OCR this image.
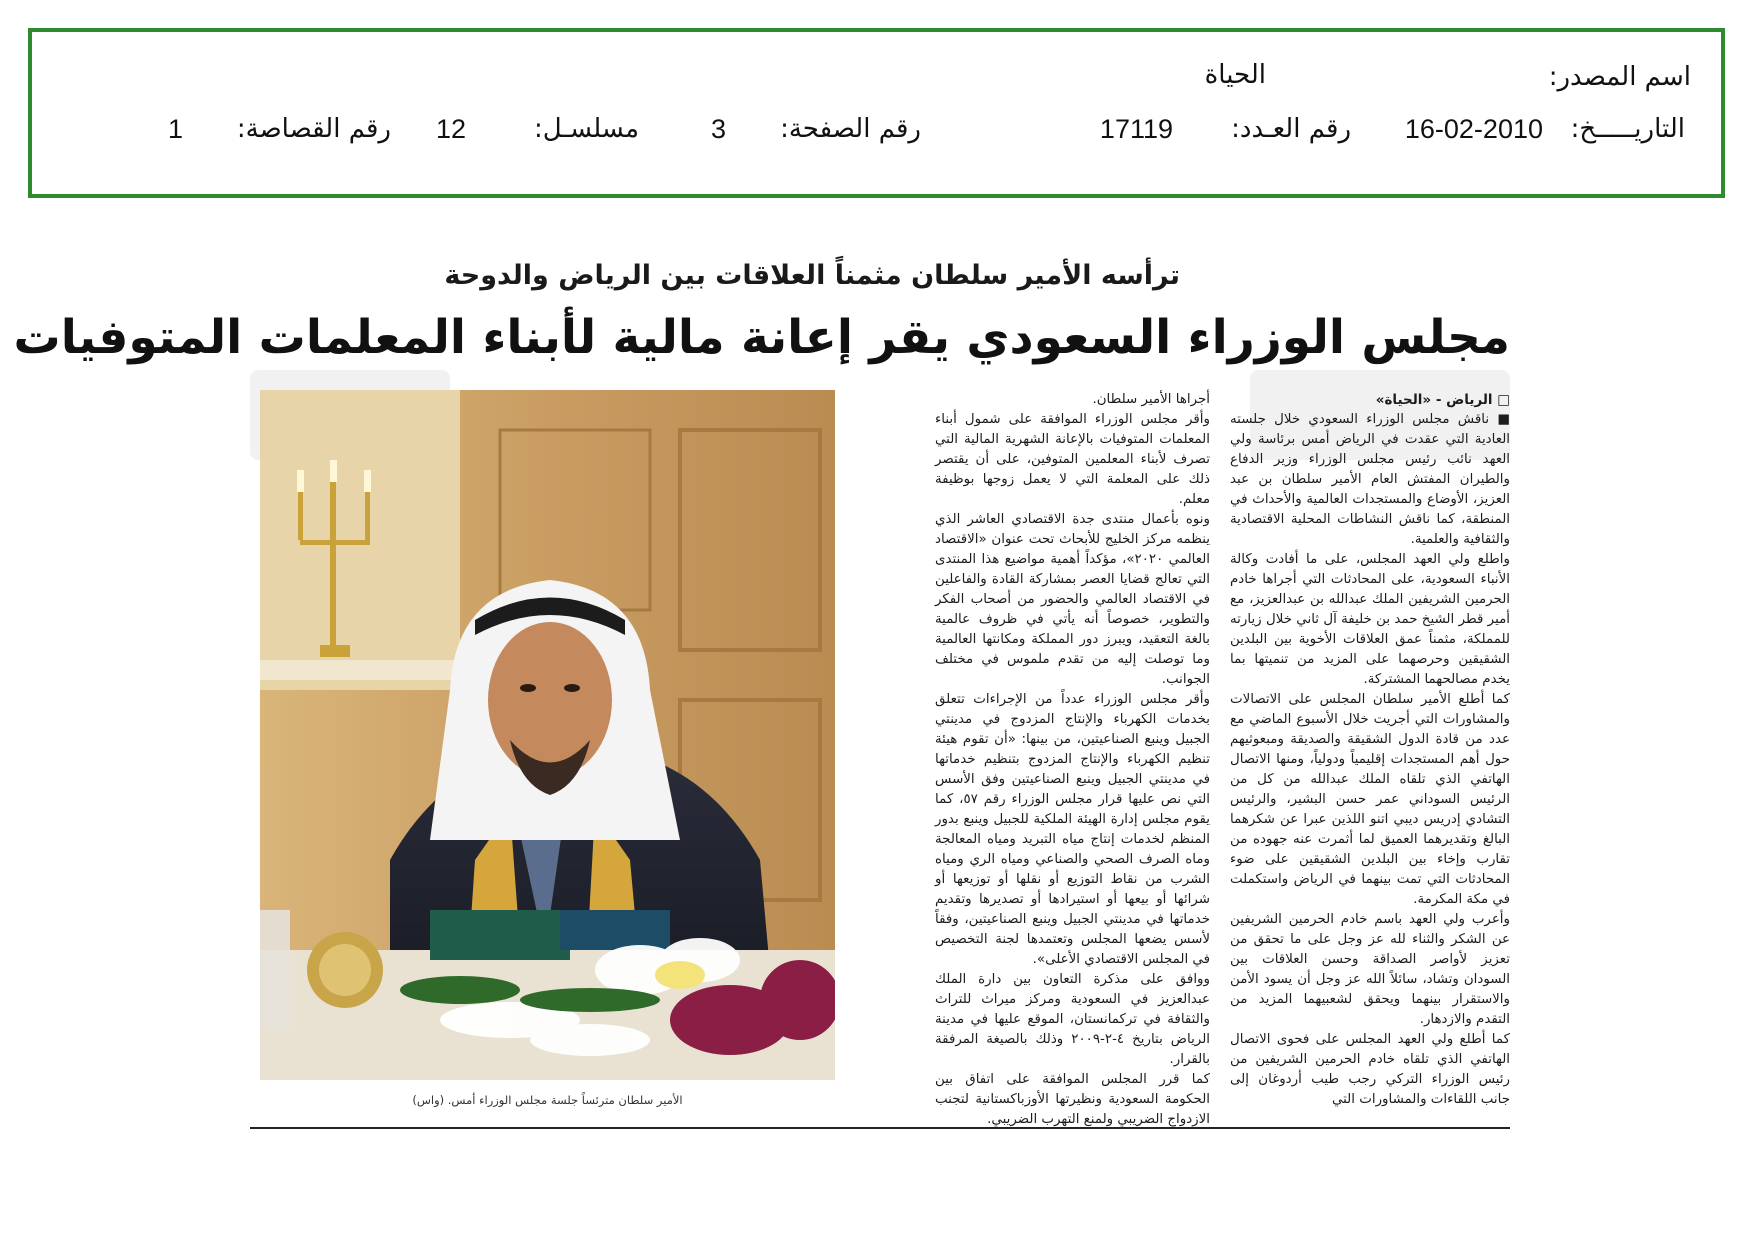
اسم المصدر:
الحياة
التاريـــــخ:
16-02-2010
رقم العـدد:
17119
رقم الصفحة:
3
مسلسـل:
12
رقم القصاصة:
1
ترأسه الأمير سلطان مثمناً العلاقات بين الرياض والدوحة
مجلس الوزراء السعودي يقر إعانة مالية لأبناء المعلمات المتوفيات
الأمير سلطان مترئساً جلسة مجلس الوزراء أمس. (واس)

□ الرياض - «الحياة»

■ ناقش مجلس الوزراء السعودي خلال جلسته العادية التي عقدت في الرياض أمس برئاسة ولي العهد نائب رئيس مجلس الوزراء وزير الدفاع والطيران المفتش العام الأمير سلطان بن عبد العزيز، الأوضاع والمستجدات العالمية والأحداث في المنطقة، كما ناقش النشاطات المحلية الاقتصادية والثقافية والعلمية.

واطلع ولي العهد المجلس، على ما أفادت وكالة الأنباء السعودية، على المحادثات التي أجراها خادم الحرمين الشريفين الملك عبدالله بن عبدالعزيز، مع أمير قطر الشيخ حمد بن خليفة آل ثاني خلال زيارته للمملكة، مثمناً عمق العلاقات الأخوية بين البلدين الشقيقين وحرصهما على المزيد من تنميتها بما يخدم مصالحهما المشتركة.

كما أطلع الأمير سلطان المجلس على الاتصالات والمشاورات التي أجريت خلال الأسبوع الماضي مع عدد من قادة الدول الشقيقة والصديقة ومبعوثيهم حول أهم المستجدات إقليمياً ودولياً، ومنها الاتصال الهاتفي الذي تلقاه الملك عبدالله من كل من الرئيس السوداني عمر حسن البشير، والرئيس التشادي إدريس ديبي اتنو اللذين عبرا عن شكرهما البالغ وتقديرهما العميق لما أثمرت عنه جهوده من تقارب وإخاء بين البلدين الشقيقين على ضوء المحادثات التي تمت بينهما في الرياض واستكملت في مكة المكرمة.

وأعرب ولي العهد باسم خادم الحرمين الشريفين عن الشكر والثناء لله عز وجل على ما تحقق من تعزيز لأواصر الصداقة وحسن العلاقات بين السودان وتشاد، سائلاً الله عز وجل أن يسود الأمن والاستقرار بينهما ويحقق لشعبيهما المزيد من التقدم والازدهار.

كما أطلع ولي العهد المجلس على فحوى الاتصال الهاتفي الذي تلقاه خادم الحرمين الشريفين من رئيس الوزراء التركي رجب طيب أردوغان إلى جانب اللقاءات والمشاورات التي

أجراها الأمير سلطان.

وأقر مجلس الوزراء الموافقة على شمول أبناء المعلمات المتوفيات بالإعانة الشهرية المالية التي تصرف لأبناء المعلمين المتوفين، على أن يقتصر ذلك على المعلمة التي لا يعمل زوجها بوظيفة معلم.

ونوه بأعمال منتدى جدة الاقتصادي العاشر الذي ينظمه مركز الخليج للأبحاث تحت عنوان «الاقتصاد العالمي ٢٠٢٠»، مؤكداً أهمية مواضيع هذا المنتدى التي تعالج قضايا العصر بمشاركة القادة والفاعلين في الاقتصاد العالمي والحضور من أصحاب الفكر والتطوير، خصوصاً أنه يأتي في ظروف عالمية بالغة التعقيد، ويبرز دور المملكة ومكانتها العالمية وما توصلت إليه من تقدم ملموس في مختلف الجوانب.

وأقر مجلس الوزراء عدداً من الإجراءات تتعلق بخدمات الكهرباء والإنتاج المزدوج في مدينتي الجبيل وينبع الصناعيتين، من بينها: «أن تقوم هيئة تنظيم الكهرباء والإنتاج المزدوج بتنظيم خدماتها في مدينتي الجبيل وينبع الصناعيتين وفق الأسس التي نص عليها قرار مجلس الوزراء رقم ٥٧، كما يقوم مجلس إدارة الهيئة الملكية للجبيل وينبع بدور المنظم لخدمات إنتاج مياه التبريد ومياه المعالجة وماه الصرف الصحي والصناعي ومياه الري ومياه الشرب من نقاط التوزيع أو نقلها أو توزيعها أو شرائها أو بيعها أو استيرادها أو تصديرها وتقديم خدماتها في مدينتي الجبيل وينبع الصناعيتين، وفقاً لأسس يضعها المجلس وتعتمدها لجنة التخصيص في المجلس الاقتصادي الأعلى».

ووافق على مذكرة التعاون بين دارة الملك عبدالعزيز في السعودية ومركز ميراث للتراث والثقافة في تركمانستان، الموقع عليها في مدينة الرياض بتاريخ ٤-٢-٢٠٠٩ وذلك بالصيغة المرفقة بالقرار.

كما قرر المجلس الموافقة على اتفاق بين الحكومة السعودية ونظيرتها الأوزباكستانية لتجنب الازدواج الضريبي ولمنع التهرب الضريبي.
